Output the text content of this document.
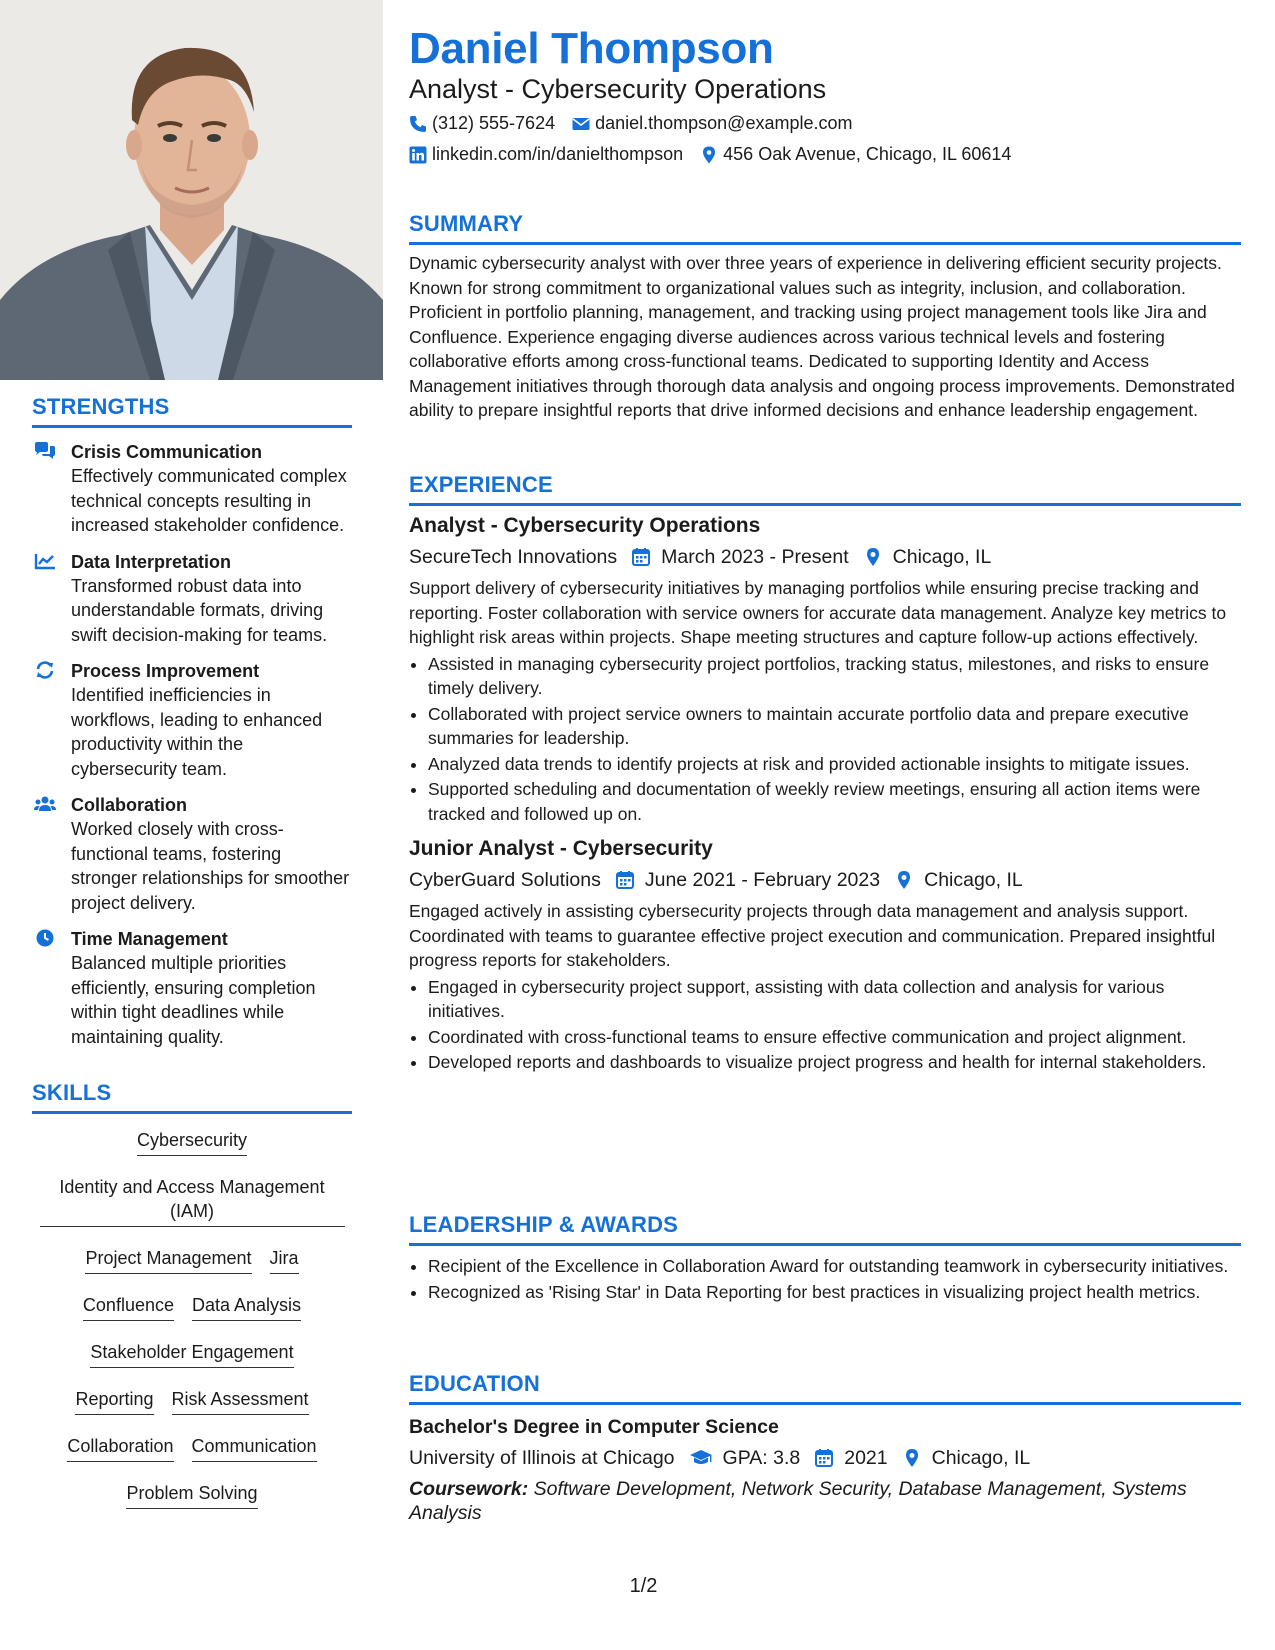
STRENGTHS
Crisis Communication
Effectively communicated complex technical concepts resulting in increased stakeholder confidence.
Data Interpretation
Transformed robust data into understandable formats, driving swift decision-making for teams.
Process Improvement
Identified inefficiencies in workflows, leading to enhanced productivity within the cybersecurity team.
Collaboration
Worked closely with cross-functional teams, fostering stronger relationships for smoother project delivery.
Time Management
Balanced multiple priorities efficiently, ensuring completion within tight deadlines while maintaining quality.
SKILLS
Cybersecurity
Identity and Access Management (IAM)
Project Management Jira
Confluence Data Analysis
Stakeholder Engagement
Reporting Risk Assessment
Collaboration Communication
Problem Solving
Daniel Thompson
Analyst - Cybersecurity Operations
(312) 555-7624 daniel.thompson@example.com
linkedin.com/in/danielthompson 456 Oak Avenue, Chicago, IL 60614
SUMMARY

Dynamic cybersecurity analyst with over three years of experience in delivering efficient security projects. Known for strong commitment to organizational values such as integrity, inclusion, and collaboration. Proficient in portfolio planning, management, and tracking using project management tools like Jira and Confluence. Experience engaging diverse audiences across various technical levels and fostering collaborative efforts among cross-functional teams. Dedicated to supporting Identity and Access Management initiatives through thorough data analysis and ongoing process improvements. Demonstrated ability to prepare insightful reports that drive informed decisions and enhance leadership engagement.

EXPERIENCE
Analyst - Cybersecurity Operations
SecureTech Innovations March 2023 - Present Chicago, IL

Support delivery of cybersecurity initiatives by managing portfolios while ensuring precise tracking and reporting. Foster collaboration with service owners for accurate data management. Analyze key metrics to highlight risk areas within projects. Shape meeting structures and capture follow-up actions effectively.

• Assisted in managing cybersecurity project portfolios, tracking status, milestones, and risks to ensure timely delivery.
• Collaborated with project service owners to maintain accurate portfolio data and prepare executive summaries for leadership.
• Analyzed data trends to identify projects at risk and provided actionable insights to mitigate issues.
• Supported scheduling and documentation of weekly review meetings, ensuring all action items were tracked and followed up on.
Junior Analyst - Cybersecurity
CyberGuard Solutions June 2021 - February 2023 Chicago, IL

Engaged actively in assisting cybersecurity projects through data management and analysis support. Coordinated with teams to guarantee effective project execution and communication. Prepared insightful progress reports for stakeholders.

• Engaged in cybersecurity project support, assisting with data collection and analysis for various initiatives.
• Coordinated with cross-functional teams to ensure effective communication and project alignment.
• Developed reports and dashboards to visualize project progress and health for internal stakeholders.
LEADERSHIP & AWARDS
• Recipient of the Excellence in Collaboration Award for outstanding teamwork in cybersecurity initiatives.
• Recognized as 'Rising Star' in Data Reporting for best practices in visualizing project health metrics.
EDUCATION
Bachelor's Degree in Computer Science
University of Illinois at Chicago GPA: 3.8 2021 Chicago, IL
Coursework: Software Development, Network Security, Database Management, Systems Analysis
1/2
